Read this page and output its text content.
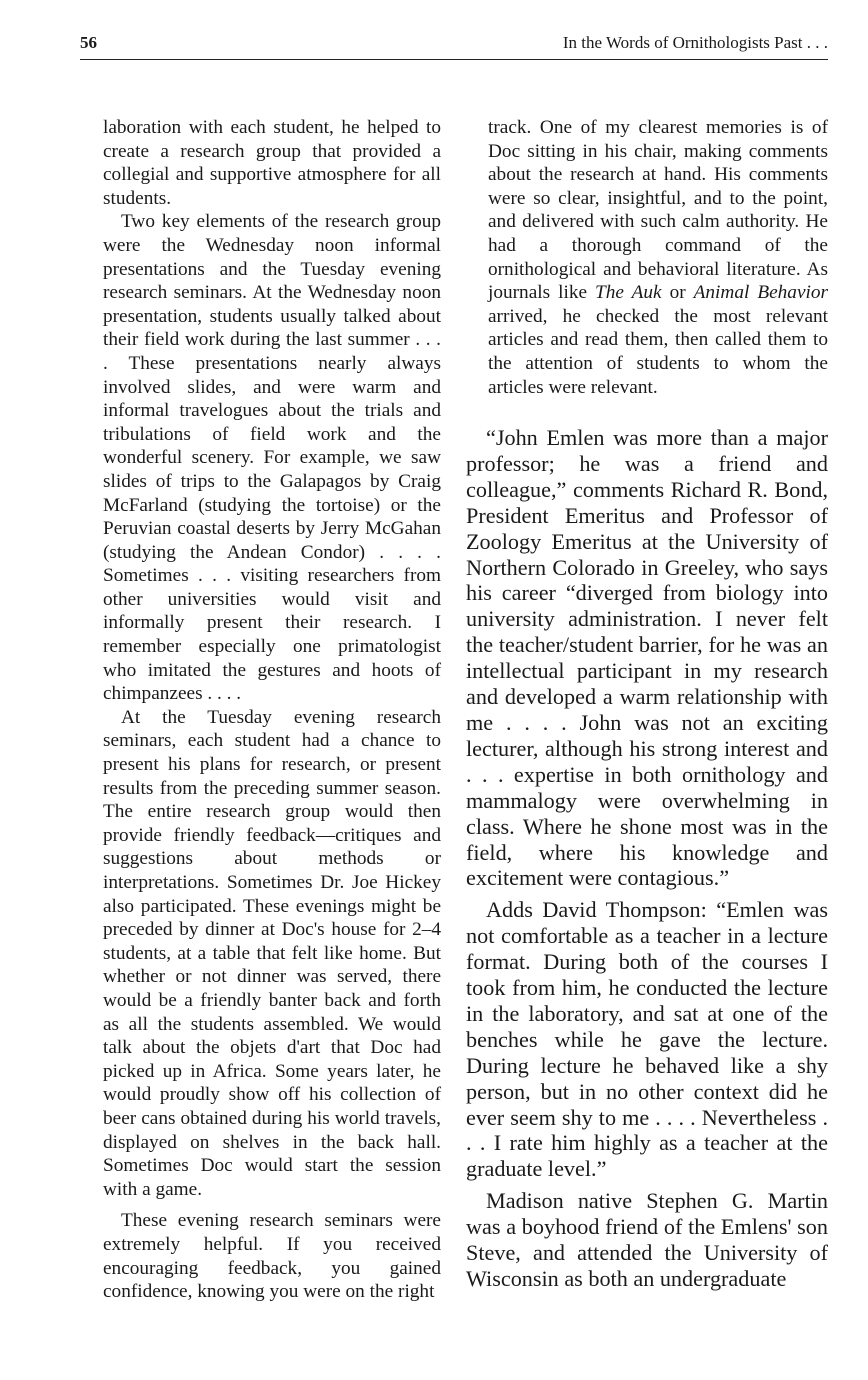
56	In the Words of Ornithologists Past . . .

laboration with each student, he helped to create a research group that provided a collegial and supportive atmosphere for all students.

Two key elements of the research group were the Wednesday noon informal presentations and the Tuesday evening research seminars. At the Wednesday noon presentation, students usually talked about their field work during the last summer . . . . These presentations nearly always involved slides, and were warm and informal travelogues about the trials and tribulations of field work and the wonderful scenery. For example, we saw slides of trips to the Galapagos by Craig McFarland (studying the tortoise) or the Peruvian coastal deserts by Jerry McGahan (studying the Andean Condor) . . . . Sometimes . . . visiting researchers from other universities would visit and informally present their research. I remember especially one primatologist who imitated the gestures and hoots of chimpanzees . . . .

At the Tuesday evening research seminars, each student had a chance to present his plans for research, or present results from the preceding summer season. The entire research group would then provide friendly feedback—critiques and suggestions about methods or interpretations. Sometimes Dr. Joe Hickey also participated. These evenings might be preceded by dinner at Doc's house for 2–4 students, at a table that felt like home. But whether or not dinner was served, there would be a friendly banter back and forth as all the students assembled. We would talk about the objets d'art that Doc had picked up in Africa. Some years later, he would proudly show off his collection of beer cans obtained during his world travels, displayed on shelves in the back hall. Sometimes Doc would start the session with a game.

These evening research seminars were extremely helpful. If you received encouraging feedback, you gained confidence, knowing you were on the right

track. One of my clearest memories is of Doc sitting in his chair, making comments about the research at hand. His comments were so clear, insightful, and to the point, and delivered with such calm authority. He had a thorough command of the ornithological and behavioral literature. As journals like The Auk or Animal Behavior arrived, he checked the most relevant articles and read them, then called them to the attention of students to whom the articles were relevant.

“John Emlen was more than a major professor; he was a friend and colleague,” comments Richard R. Bond, President Emeritus and Professor of Zoology Emeritus at the University of Northern Colorado in Greeley, who says his career “diverged from biology into university administration. I never felt the teacher/student barrier, for he was an intellectual participant in my research and developed a warm relationship with me . . . . John was not an exciting lecturer, although his strong interest and . . . expertise in both ornithology and mammalogy were overwhelming in class. Where he shone most was in the field, where his knowledge and excitement were contagious.”

Adds David Thompson: “Emlen was not comfortable as a teacher in a lecture format. During both of the courses I took from him, he conducted the lecture in the laboratory, and sat at one of the benches while he gave the lecture. During lecture he behaved like a shy person, but in no other context did he ever seem shy to me . . . . Nevertheless . . . I rate him highly as a teacher at the graduate level.”

Madison native Stephen G. Martin was a boyhood friend of the Emlens' son Steve, and attended the University of Wisconsin as both an undergraduate
